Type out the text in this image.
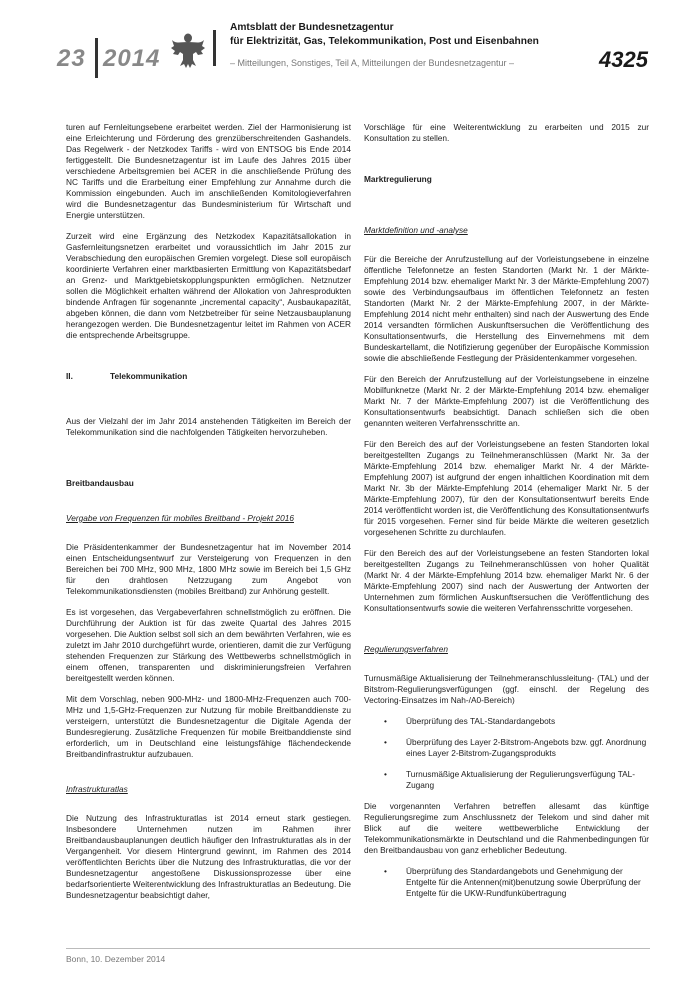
23 2014
Amtsblatt der Bundesnetzagentur
für Elektrizität, Gas, Telekommunikation, Post und Eisenbahnen
– Mitteilungen, Sonstiges, Teil A, Mitteilungen der Bundesnetzagentur –	4325

turen auf Fernleitungsebene erarbeitet werden. Ziel der Harmonisierung ist eine Erleichterung und Förderung des grenzüberschreitenden Gashandels. Das Regelwerk - der Netzkodex Tariffs - wird von ENTSOG bis Ende 2014 fertiggestellt. Die Bundesnetzagentur ist im Laufe des Jahres 2015 über verschiedene Arbeitsgremien bei ACER in die anschließende Prüfung des NC Tariffs und die Erarbeitung einer Empfehlung zur Annahme durch die Kommission eingebunden. Auch im anschließenden Komitologieverfahren wird die Bundesnetzagentur das Bundesministerium für Wirtschaft und Energie unterstützen.

Zurzeit wird eine Ergänzung des Netzkodex Kapazitätsallokation in Gasfernleitungsnetzen erarbeitet und voraussichtlich im Jahr 2015 zur Verabschiedung den europäischen Gremien vorgelegt. Diese soll europäisch koordinierte Verfahren einer marktbasierten Ermittlung von Kapazitätsbedarf an Grenz- und Marktgebietskopplungspunkten ermöglichen. Netznutzer sollen die Möglichkeit erhalten während der Allokation von Jahresprodukten bindende Anfragen für sogenannte „incremental capacity“, Ausbaukapazität, abgeben können, die dann vom Netzbetreiber für seine Netzausbauplanung herangezogen werden. Die Bundesnetzagentur leitet im Rahmen von ACER die entsprechende Arbeitsgruppe.

II.	Telekommunikation

Aus der Vielzahl der im Jahr 2014 anstehenden Tätigkeiten im Bereich der Telekommunikation sind die nachfolgenden Tätigkeiten hervorzuheben.

Breitbandausbau

Vergabe von Frequenzen für mobiles Breitband - Projekt 2016

Die Präsidentenkammer der Bundesnetzagentur hat im November 2014 einen Entscheidungsentwurf zur Versteigerung von Frequenzen in den Bereichen bei 700 MHz, 900 MHz, 1800 MHz sowie im Bereich bei 1,5 GHz für den drahtlosen Netzzugang zum Angebot von Telekommunikationsdiensten (mobiles Breitband) zur Anhörung gestellt.

Es ist vorgesehen, das Vergabeverfahren schnellstmöglich zu eröffnen. Die Durchführung der Auktion ist für das zweite Quartal des Jahres 2015 vorgesehen. Die Auktion selbst soll sich an dem bewährten Verfahren, wie es zuletzt im Jahr 2010 durchgeführt wurde, orientieren, damit die zur Verfügung stehenden Frequenzen zur Stärkung des Wettbewerbs schnellstmöglich in einem offenen, transparenten und diskriminierungsfreien Verfahren bereitgestellt werden können.

Mit dem Vorschlag, neben 900-MHz- und 1800-MHz-Frequenzen auch 700-MHz und 1,5-GHz-Frequenzen zur Nutzung für mobile Breitbanddienste zu versteigern, unterstützt die Bundesnetzagentur die Digitale Agenda der Bundesregierung. Zusätzliche Frequenzen für mobile Breitbanddienste sind erforderlich, um in Deutschland eine leistungsfähige flächendeckende Breitbandinfrastruktur aufzubauen.

Infrastrukturatlas

Die Nutzung des Infrastrukturatlas ist 2014 erneut stark gestiegen. Insbesondere Unternehmen nutzen im Rahmen ihrer Breitbandausbauplanungen deutlich häufiger den Infrastrukturatlas als in der Vergangenheit. Vor diesem Hintergrund gewinnt, im Rahmen des 2014 veröffentlichten Berichts über die Nutzung des Infrastrukturatlas, die vor der Bundesnetzagentur angestoßene Diskussionsprozesse über eine bedarfsorientierte Weiterentwicklung des Infrastrukturatlas an Bedeutung. Die Bundesnetzagentur beabsichtigt daher,

Vorschläge für eine Weiterentwicklung zu erarbeiten und 2015 zur Konsultation zu stellen.

Marktregulierung

Marktdefinition und -analyse

Für die Bereiche der Anrufzustellung auf der Vorleistungsebene in einzelne öffentliche Telefonnetze an festen Standorten (Markt Nr. 1 der Märkte-Empfehlung 2014 bzw. ehemaliger Markt Nr. 3 der Märkte-Empfehlung 2007) sowie des Verbindungsaufbaus im öffentlichen Telefonnetz an festen Standorten (Markt Nr. 2 der Märkte-Empfehlung 2007, in der Märkte-Empfehlung 2014 nicht mehr enthalten) sind nach der Auswertung des Ende 2014 versandten förmlichen Auskunftsersuchen die Veröffentlichung des Konsultationsentwurfs, die Herstellung des Einvernehmens mit dem Bundeskartellamt, die Notifizierung gegenüber der Europäische Kommission sowie die abschließende Festlegung der Präsidentenkammer vorgesehen.

Für den Bereich der Anrufzustellung auf der Vorleistungsebene in einzelne Mobilfunknetze (Markt Nr. 2 der Märkte-Empfehlung 2014 bzw. ehemaliger Markt Nr. 7 der Märkte-Empfehlung 2007) ist die Veröffentlichung des Konsultationsentwurfs beabsichtigt. Danach schließen sich die oben genannten weiteren Verfahrensschritte an.

Für den Bereich des auf der Vorleistungsebene an festen Standorten lokal bereitgestellten Zugangs zu Teilnehmeranschlüssen (Markt Nr. 3a der Märkte-Empfehlung 2014 bzw. ehemaliger Markt Nr. 4 der Märkte-Empfehlung 2007) ist aufgrund der engen inhaltlichen Koordination mit dem Markt Nr. 3b der Märkte-Empfehlung 2014 (ehemaliger Markt Nr. 5 der Märkte-Empfehlung 2007), für den der Konsultationsentwurf bereits Ende 2014 veröffentlicht worden ist, die Veröffentlichung des Konsultationsentwurfs für 2015 vorgesehen. Ferner sind für beide Märkte die weiteren gesetzlich vorgesehenen Schritte zu durchlaufen.

Für den Bereich des auf der Vorleistungsebene an festen Standorten lokal bereitgestellten Zugangs zu Teilnehmeranschlüssen von hoher Qualität (Markt Nr. 4 der Märkte-Empfehlung 2014 bzw. ehemaliger Markt Nr. 6 der Märkte-Empfehlung 2007) sind nach der Auswertung der Antworten der Unternehmen zum förmlichen Auskunftsersuchen die Veröffentlichung des Konsultationsentwurfs sowie die weiteren Verfahrensschritte vorgesehen.

Regulierungsverfahren

Turnusmäßige Aktualisierung der Teilnehmeranschlussleitung- (TAL) und der Bitstrom-Regulierungsverfügungen (ggf. einschl. der Regelung des Vectoring-Einsatzes im Nah-/A0-Bereich)

• Überprüfung des TAL-Standardangebots
• Überprüfung des Layer 2-Bitstrom-Angebots bzw. ggf. Anordnung eines Layer 2-Bitstrom-Zugangsprodukts
• Turnusmäßige Aktualisierung der Regulierungsverfügung TAL-Zugang

Die vorgenannten Verfahren betreffen allesamt das künftige Regulierungsregime zum Anschlussnetz der Telekom und sind daher mit Blick auf die weitere wettbewerbliche Entwicklung der Telekommunikationsmärkte in Deutschland und die Rahmenbedingungen für den Breitbandausbau von ganz erheblicher Bedeutung.

• Überprüfung des Standardangebots und Genehmigung der Entgelte für die Antennen(mit)benutzung sowie Überprüfung der Entgelte für die UKW-Rundfunkübertragung
Bonn, 10. Dezember 2014
